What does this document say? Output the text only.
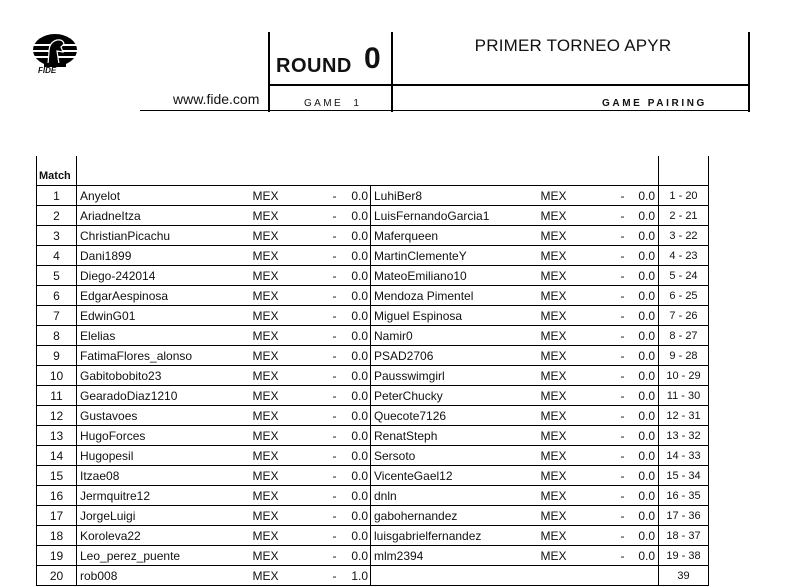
FIDE	ROUND 0	PRIMER TORNEO APYR
www.fide.com	GAME  1	GAME PAIRING
Match									
1	Anyelot	MEX	-	0.0	LuhiBer8	MEX	-	0.0	1 - 20
2	AriadneItza	MEX	-	0.0	LuisFernandoGarcia1	MEX	-	0.0	2 - 21
3	ChristianPicachu	MEX	-	0.0	Maferqueen	MEX	-	0.0	3 - 22
4	Dani1899	MEX	-	0.0	MartinClementeY	MEX	-	0.0	4 - 23
5	Diego-242014	MEX	-	0.0	MateoEmiliano10	MEX	-	0.0	5 - 24
6	EdgarAespinosa	MEX	-	0.0	Mendoza Pimentel	MEX	-	0.0	6 - 25
7	EdwinG01	MEX	-	0.0	Miguel Espinosa	MEX	-	0.0	7 - 26
8	Elelias	MEX	-	0.0	Namir0	MEX	-	0.0	8 - 27
9	FatimaFlores_alonso	MEX	-	0.0	PSAD2706	MEX	-	0.0	9 - 28
10	Gabitobobito23	MEX	-	0.0	Pausswimgirl	MEX	-	0.0	10 - 29
11	GearadoDiaz1210	MEX	-	0.0	PeterChucky	MEX	-	0.0	11 - 30
12	Gustavoes	MEX	-	0.0	Quecote7126	MEX	-	0.0	12 - 31
13	HugoForces	MEX	-	0.0	RenatSteph	MEX	-	0.0	13 - 32
14	Hugopesil	MEX	-	0.0	Sersoto	MEX	-	0.0	14 - 33
15	Itzae08	MEX	-	0.0	VicenteGael12	MEX	-	0.0	15 - 34
16	Jermquitre12	MEX	-	0.0	dnln	MEX	-	0.0	16 - 35
17	JorgeLuigi	MEX	-	0.0	gabohernandez	MEX	-	0.0	17 - 36
18	Koroleva22	MEX	-	0.0	luisgabrielfernandez	MEX	-	0.0	18 - 37
19	Leo_perez_puente	MEX	-	0.0	mlm2394	MEX	-	0.0	19 - 38
20	rob008	MEX	-	1.0					39
